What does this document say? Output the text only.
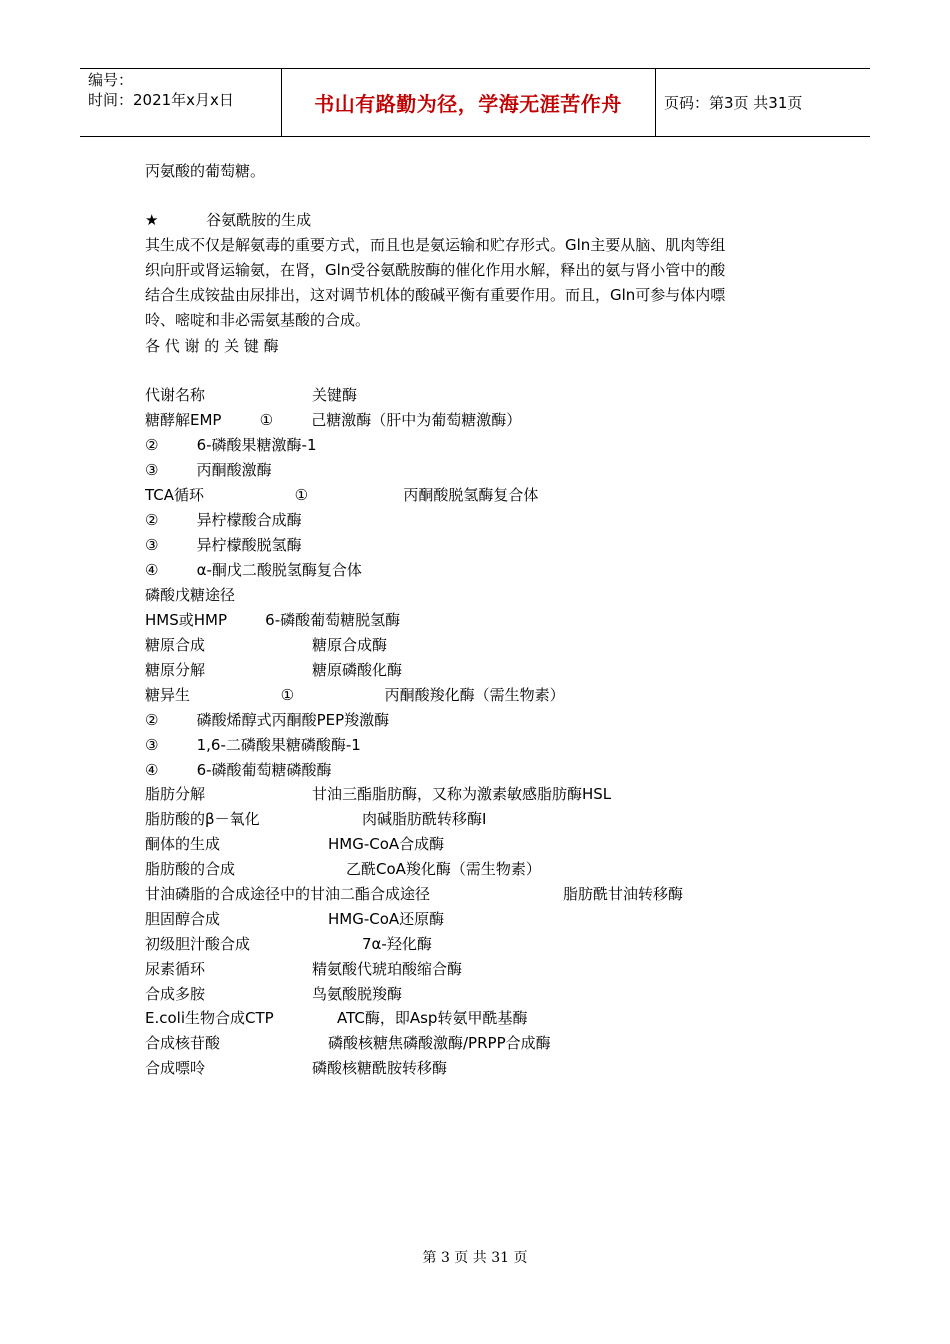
编号：
时间：2021年x月x日	书山有路勤为径，学海无涯苦作舟	页码：第3页 共31页
丙氨酸的葡萄糖。
★          谷氨酰胺的生成
其生成不仅是解氨毒的重要方式，而且也是氨运输和贮存形式。Gln主要从脑、肌肉等组
织向肝或肾运输氨，在肾，Gln受谷氨酰胺酶的催化作用水解，释出的氨与肾小管中的酸
结合生成铵盐由尿排出，这对调节机体的酸碱平衡有重要作用。而且，Gln可参与体内嘌
呤、嘧啶和非必需氨基酸的合成。
各 代 谢 的 关 键 酶
代谢名称	关键酶
糖酵解EMP        ①        己糖激酶（肝中为葡萄糖激酶）
②        6-磷酸果糖激酶-1
③        丙酮酸激酶
TCA循环                   ①                    丙酮酸脱氢酶复合体
②        异柠檬酸合成酶
③        异柠檬酸脱氢酶
④        α-酮戊二酸脱氢酶复合体
磷酸戊糖途径
HMS或HMP        6-磷酸葡萄糖脱氢酶
糖原合成	糖原合成酶
糖原分解	糖原磷酸化酶
糖异生                   ①                   丙酮酸羧化酶（需生物素）
②        磷酸烯醇式丙酮酸PEP羧激酶
③        1,6-二磷酸果糖磷酸酶-1
④        6-磷酸葡萄糖磷酸酶
脂肪分解	甘油三酯脂肪酶，又称为激素敏感脂肪酶HSL
脂肪酸的β－氧化	肉碱脂肪酰转移酶Ⅰ
酮体的生成	HMG-CoA合成酶
脂肪酸的合成	乙酰CoA羧化酶（需生物素）
甘油磷脂的合成途径中的甘油二酯合成途径	脂肪酰甘油转移酶
胆固醇合成	HMG-CoA还原酶
初级胆汁酸合成	7α-羟化酶
尿素循环	精氨酸代琥珀酸缩合酶
合成多胺	鸟氨酸脱羧酶
E.coli生物合成CTP	ATC酶，即Asp转氨甲酰基酶
合成核苷酸	磷酸核糖焦磷酸激酶/PRPP合成酶
合成嘌呤	磷酸核糖酰胺转移酶
第 3 页 共 31 页
